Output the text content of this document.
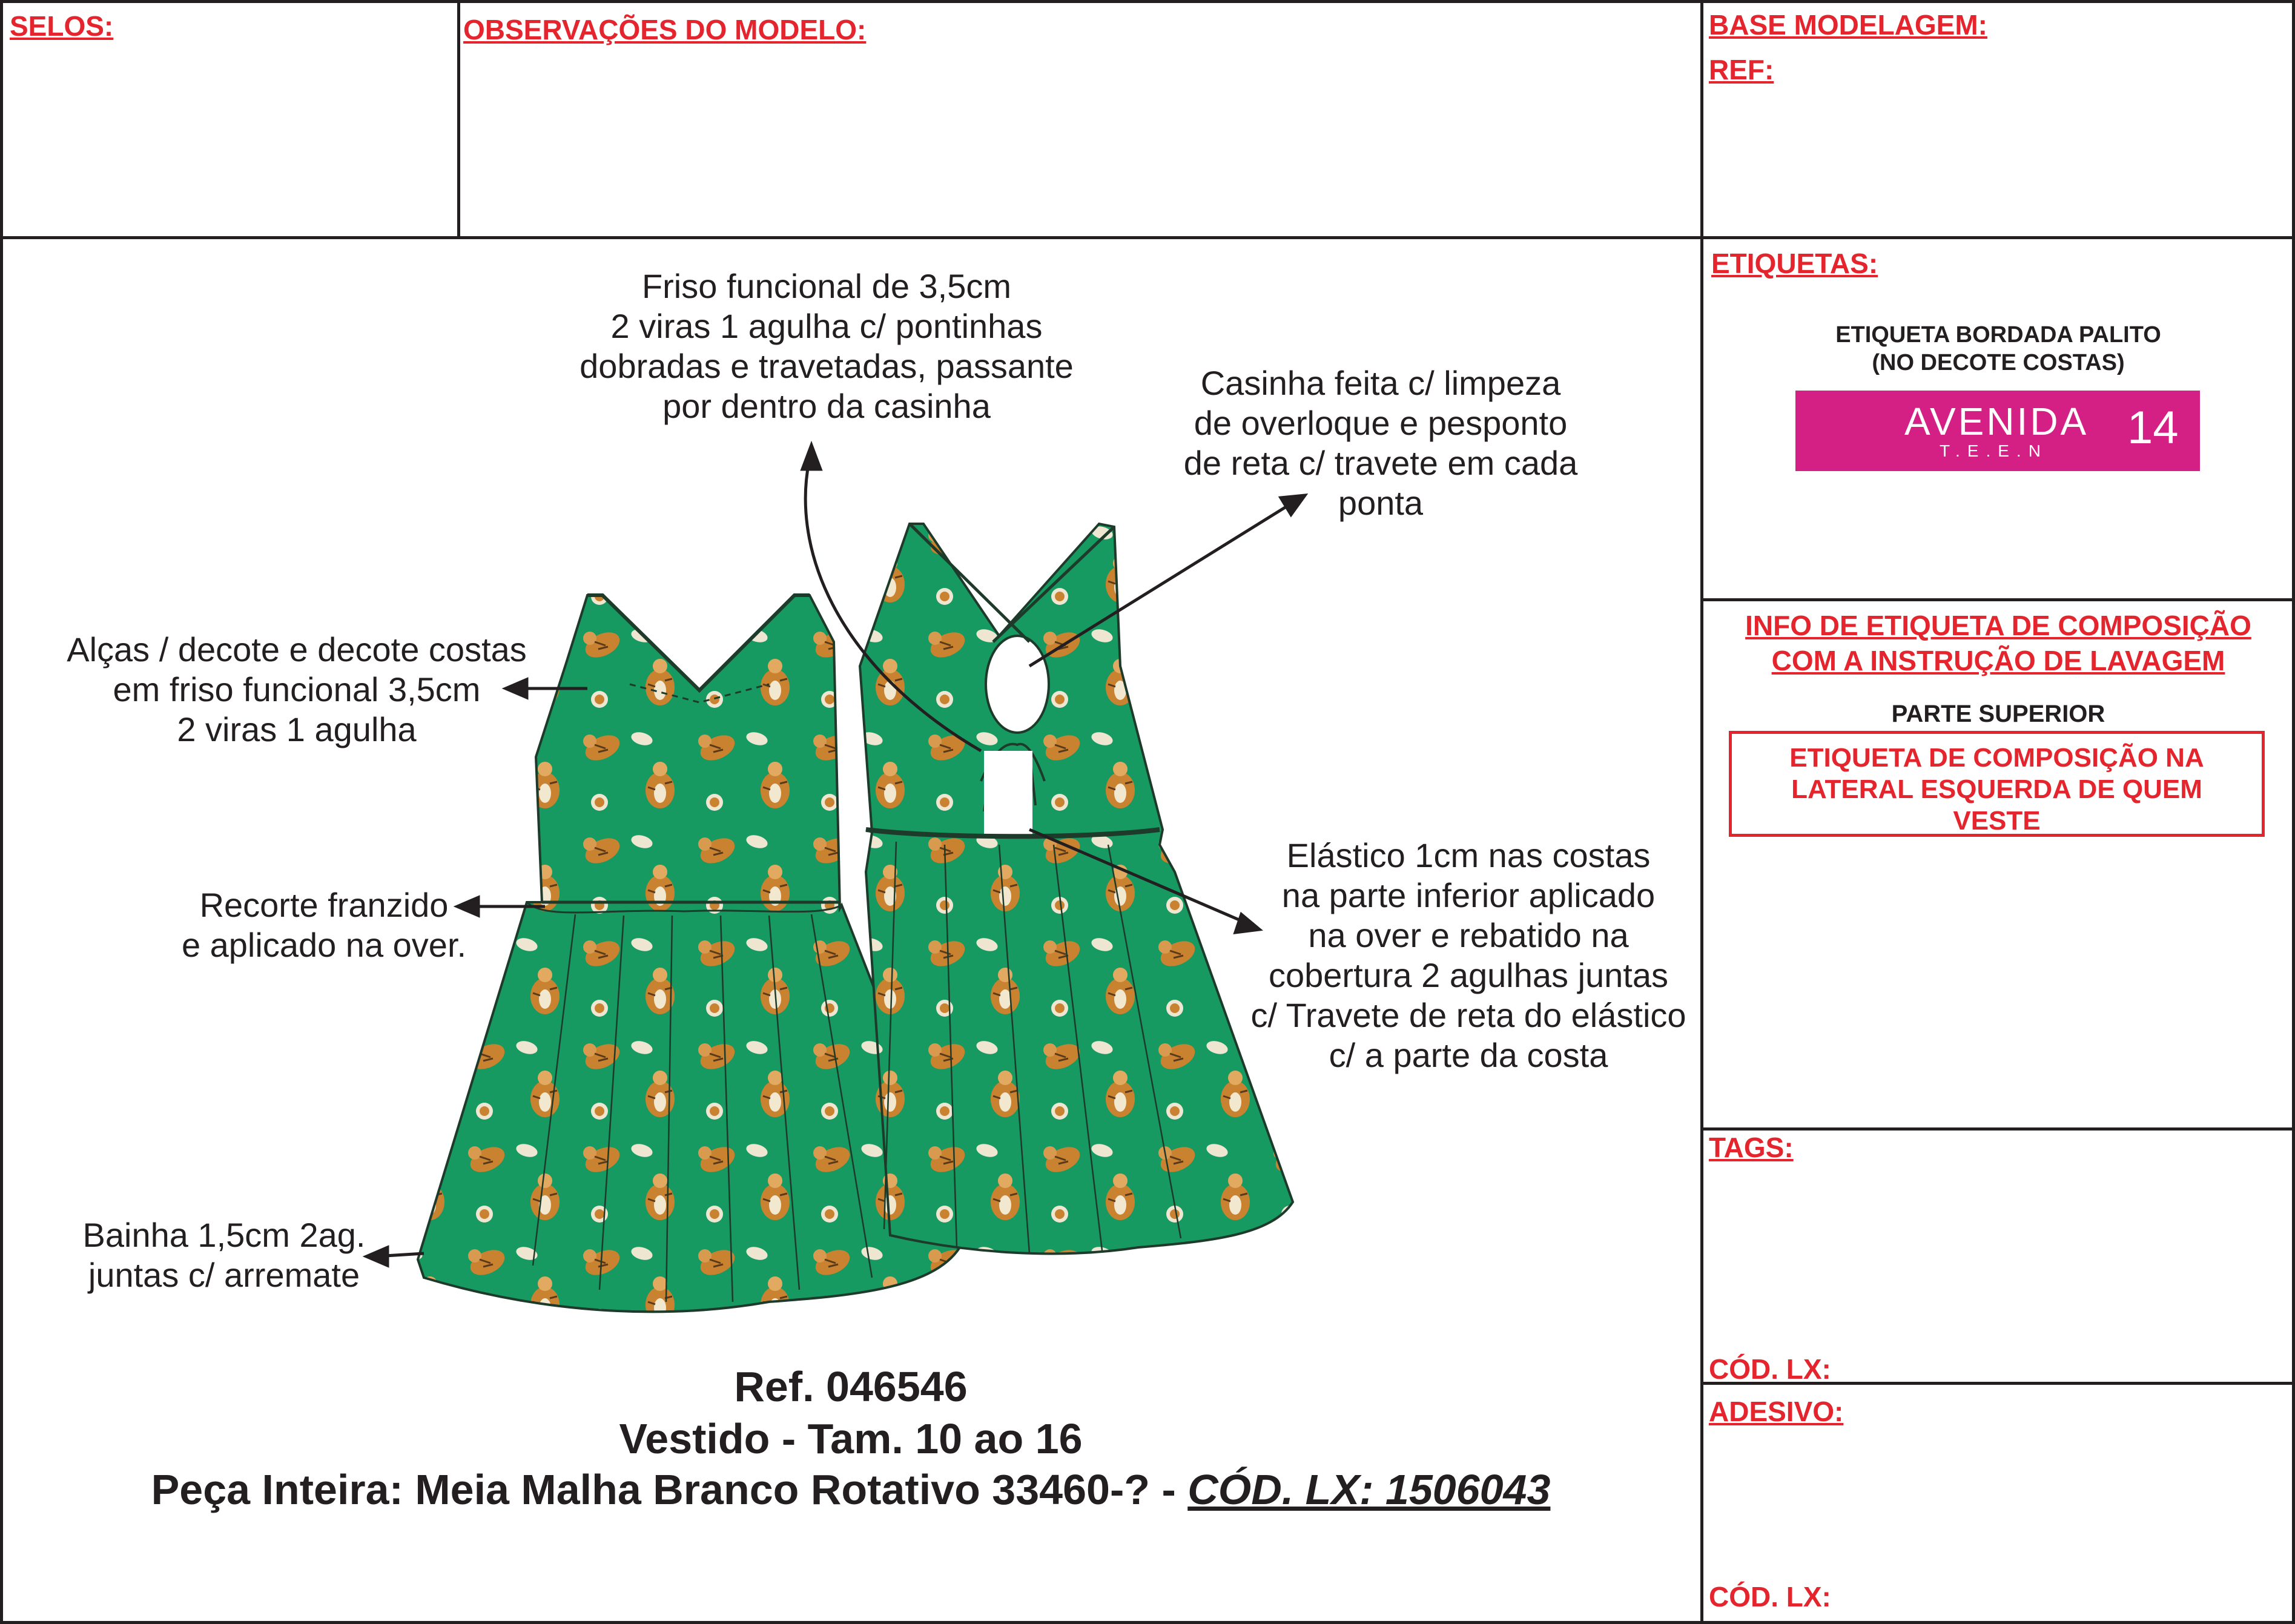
SELOS:	OBSERVAÇÕES DO MODELO:	BASE MODELAGEM:
REF:
ETIQUETAS:
ETIQUETA BORDADA PALITO
(NO DECOTE COSTAS)
AVENIDA
T.E.E.N 14
INFO DE ETIQUETA DE COMPOSIÇÃO
COM A INSTRUÇÃO DE LAVAGEM
PARTE SUPERIOR
ETIQUETA DE COMPOSIÇÃO NA
LATERAL ESQUERDA DE QUEM
VESTE
TAGS:
CÓD. LX:
ADESIVO:
CÓD. LX:
Friso funcional de 3,5cm
2 viras 1 agulha c/ pontinhas
dobradas e travetadas, passante
por dentro da casinha
Casinha feita c/ limpeza
de overloque e pesponto
de reta c/ travete em cada
ponta
Alças / decote e decote costas
em friso funcional 3,5cm
2 viras 1 agulha
Recorte franzido
e aplicado na over.
Elástico 1cm nas costas
na parte inferior aplicado
na over e rebatido na
cobertura 2 agulhas juntas
c/ Travete de reta do elástico
c/ a parte da costa
Bainha 1,5cm 2ag.
juntas c/ arremate
Ref. 046546
Vestido - Tam. 10 ao 16
Peça Inteira: Meia Malha Branco Rotativo 33460-? - CÓD. LX: 1506043
